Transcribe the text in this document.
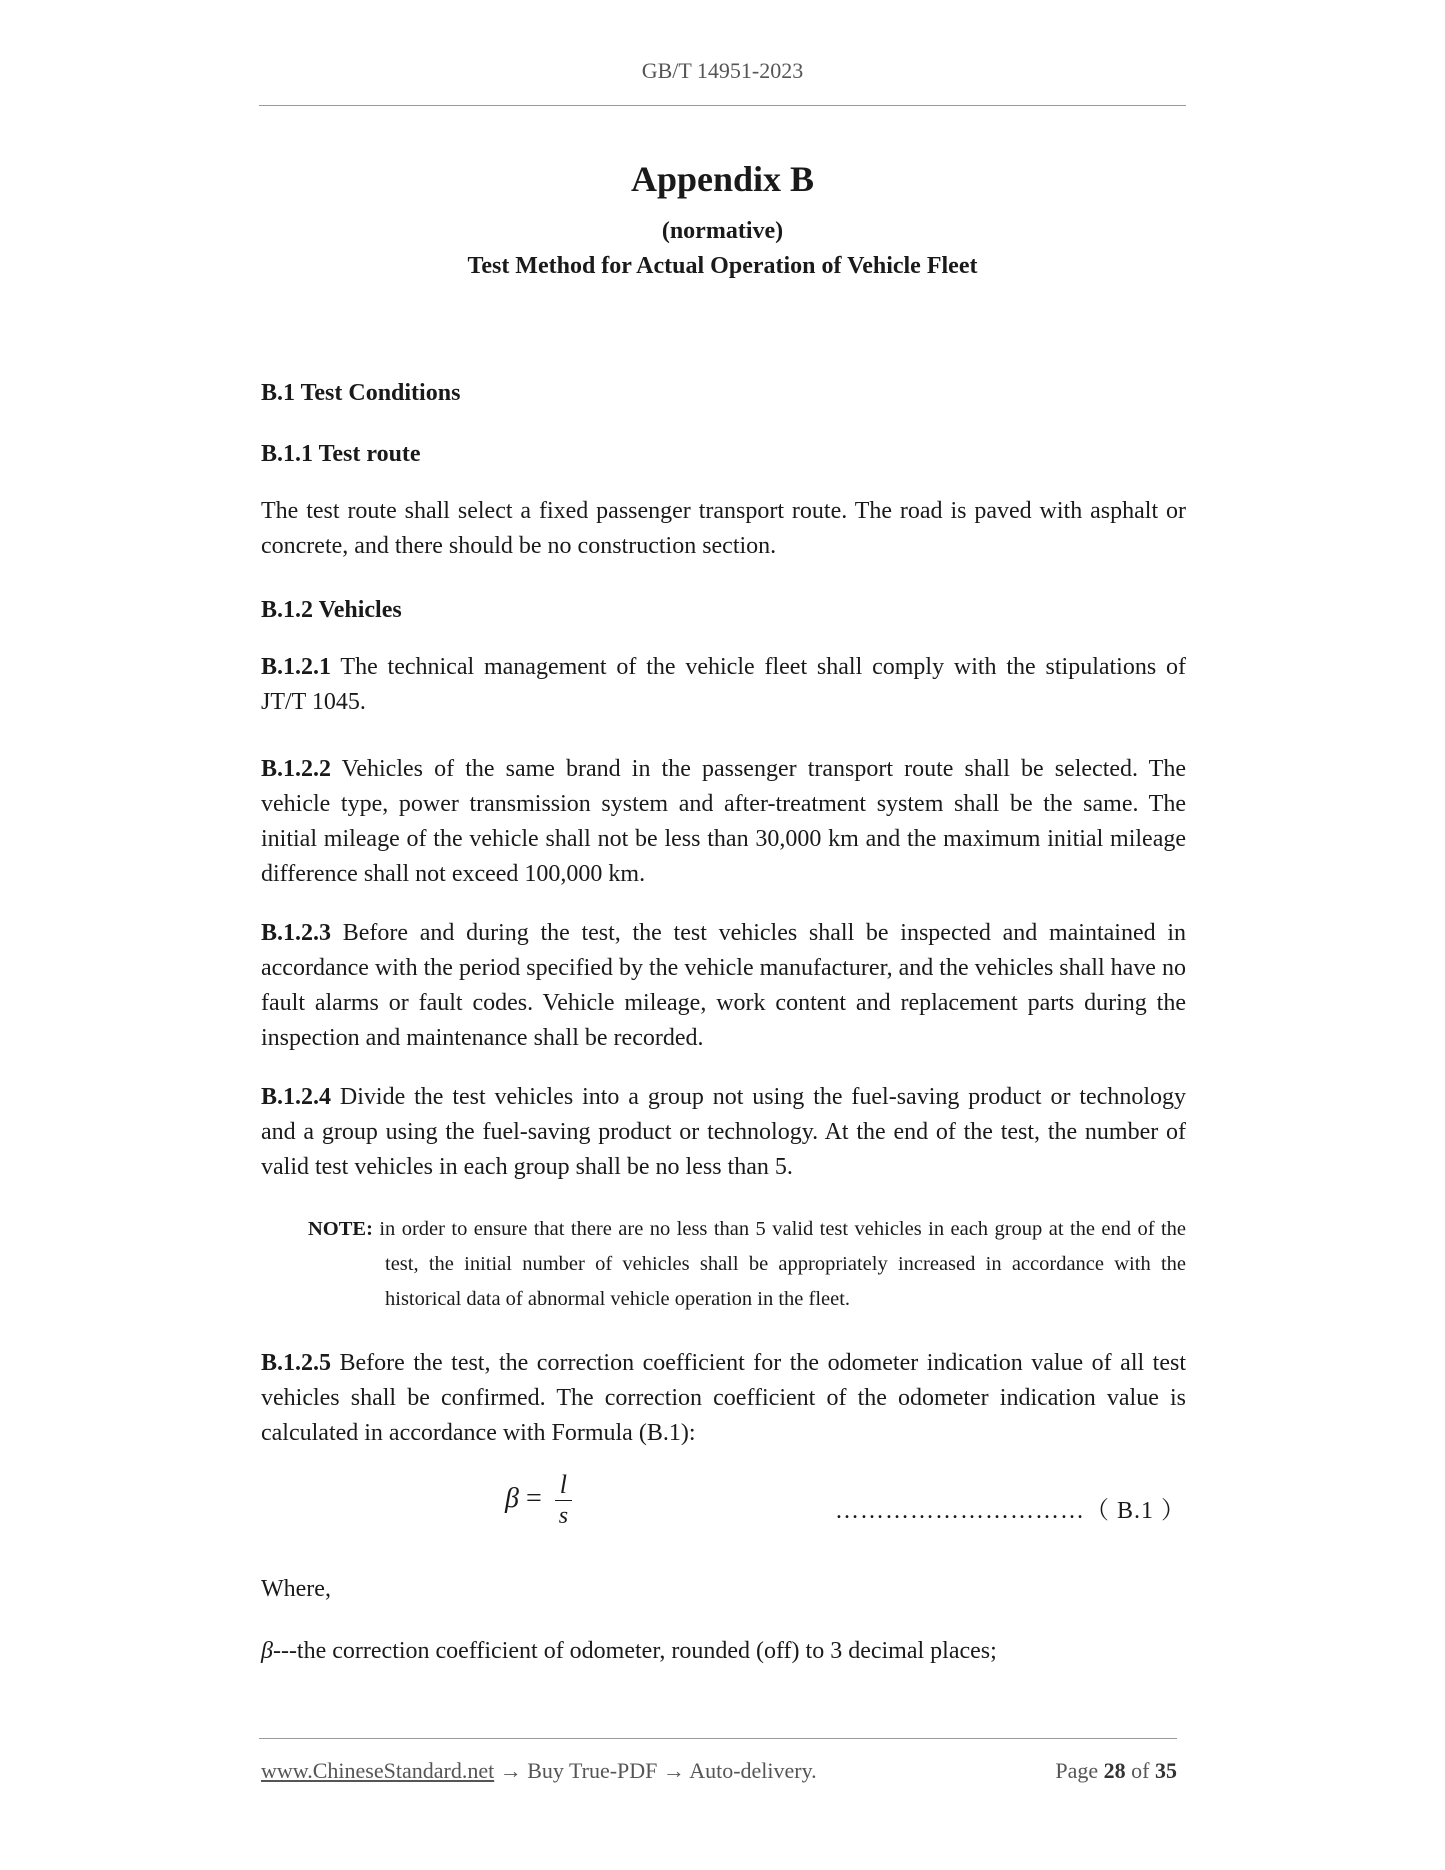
GB/T 14951-2023
Appendix B
(normative)
Test Method for Actual Operation of Vehicle Fleet
B.1 Test Conditions
B.1.1 Test route
The test route shall select a fixed passenger transport route. The road is paved with asphalt or concrete, and there should be no construction section.
B.1.2 Vehicles
B.1.2.1 The technical management of the vehicle fleet shall comply with the stipulations of JT/T 1045.
B.1.2.2 Vehicles of the same brand in the passenger transport route shall be selected. The vehicle type, power transmission system and after-treatment system shall be the same. The initial mileage of the vehicle shall not be less than 30,000 km and the maximum initial mileage difference shall not exceed 100,000 km.
B.1.2.3 Before and during the test, the test vehicles shall be inspected and maintained in accordance with the period specified by the vehicle manufacturer, and the vehicles shall have no fault alarms or fault codes. Vehicle mileage, work content and replacement parts during the inspection and maintenance shall be recorded.
B.1.2.4 Divide the test vehicles into a group not using the fuel-saving product or technology and a group using the fuel-saving product or technology. At the end of the test, the number of valid test vehicles in each group shall be no less than 5.
NOTE: in order to ensure that there are no less than 5 valid test vehicles in each group at the end of the test, the initial number of vehicles shall be appropriately increased in accordance with the historical data of abnormal vehicle operation in the fleet.
B.1.2.5 Before the test, the correction coefficient for the odometer indication value of all test vehicles shall be confirmed. The correction coefficient of the odometer indication value is calculated in accordance with Formula (B.1):
$\beta = \frac{l}{s}$	…………………………（ B.1 ）
Where,
β---the correction coefficient of odometer, rounded (off) to 3 decimal places;
www.ChineseStandard.net → Buy True-PDF → Auto-delivery.	Page 28 of 35
